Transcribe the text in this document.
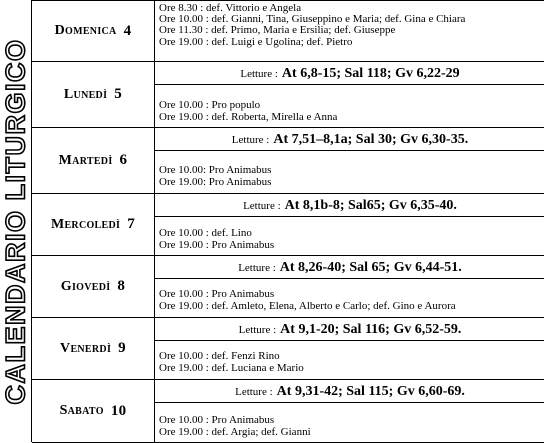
CALENDARIO LITURGICO
Domenica 4
Ore 8.30 : def. Vittorio e Angela
Ore 10.00 : def. Gianni, Tina, Giuseppino e Maria; def. Gina e Chiara
Ore 11.30 : def. Primo, Maria e Ersilia; def. Giuseppe
Ore 19.00 : def. Luigi e Ugolina; def. Pietro
Lunedì 5
Letture : At 6,8-15; Sal 118; Gv 6,22-29
Ore 10.00 : Pro populo
Ore 19.00 : def. Roberta, Mirella e Anna
Martedì 6
Letture : At 7,51–8,1a; Sal 30; Gv 6,30-35.
Ore 10.00: Pro Animabus
Ore 19.00: Pro Animabus
Mercoledì 7
Letture : At 8,1b-8; Sal65; Gv 6,35-40.
Ore 10.00 : def. Lino
Ore 19.00 : Pro Animabus
Giovedì 8
Letture : At 8,26-40; Sal 65; Gv 6,44-51.
Ore 10.00 : Pro Animabus
Ore 19.00 : def. Amleto, Elena, Alberto e Carlo; def. Gino e Aurora
Venerdì 9
Letture : At 9,1-20; Sal 116; Gv 6,52-59.
Ore 10.00 : def. Fenzi Rino
Ore 19.00 : def. Luciana e Mario
Sabato 10
Letture : At 9,31-42; Sal 115; Gv 6,60-69.
Ore 10.00 : Pro Animabus
Ore 19.00 : def. Argia; def. Gianni
